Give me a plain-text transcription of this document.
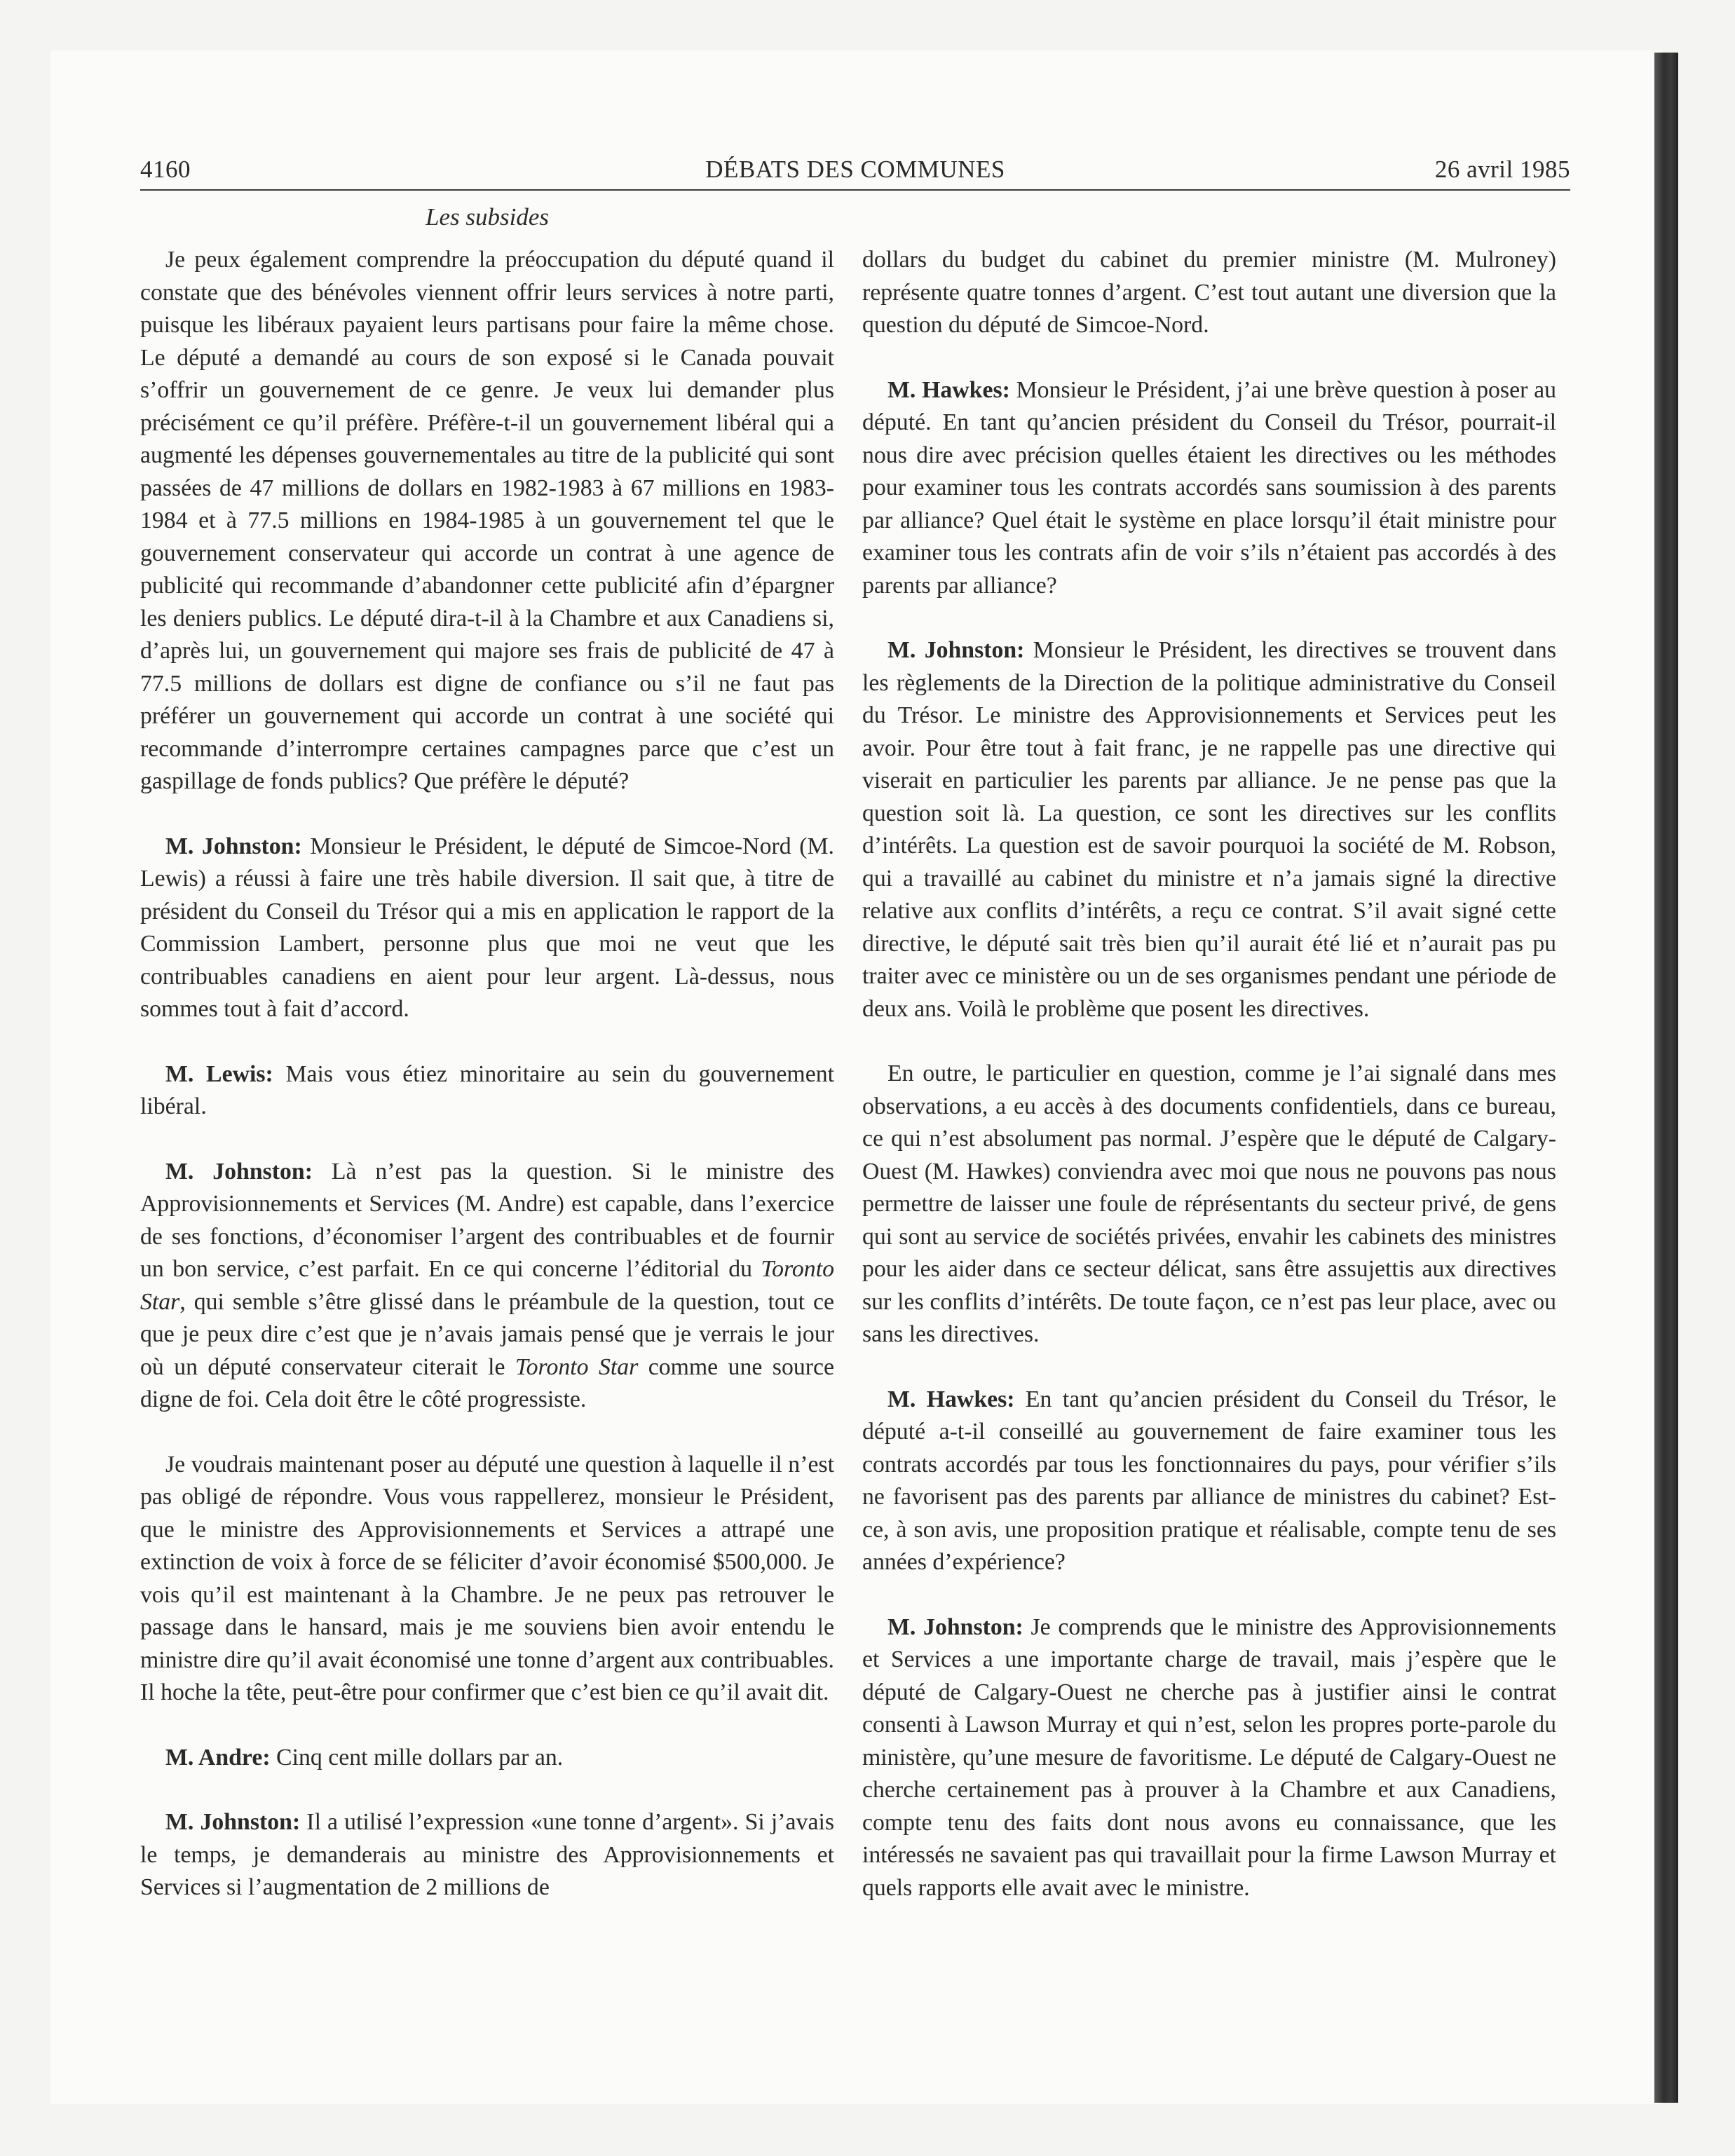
4160	DÉBATS DES COMMUNES	26 avril 1985
Les subsides

Je peux également comprendre la préoccupation du député quand il constate que des bénévoles viennent offrir leurs services à notre parti, puisque les libéraux payaient leurs partisans pour faire la même chose. Le député a demandé au cours de son exposé si le Canada pouvait s’offrir un gouvernement de ce genre. Je veux lui demander plus précisément ce qu’il préfère. Préfère-t-il un gouvernement libéral qui a augmenté les dépenses gouvernementales au titre de la publicité qui sont passées de 47 millions de dollars en 1982-1983 à 67 millions en 1983-1984 et à 77.5 millions en 1984-1985 à un gouvernement tel que le gouvernement conservateur qui accorde un contrat à une agence de publicité qui recommande d’abandonner cette publicité afin d’épargner les deniers publics. Le député dira-t-il à la Chambre et aux Canadiens si, d’après lui, un gouvernement qui majore ses frais de publicité de 47 à 77.5 millions de dollars est digne de confiance ou s’il ne faut pas préférer un gouvernement qui accorde un contrat à une société qui recommande d’interrompre certaines campagnes parce que c’est un gaspillage de fonds publics? Que préfère le député?

M. Johnston: Monsieur le Président, le député de Simcoe-Nord (M. Lewis) a réussi à faire une très habile diversion. Il sait que, à titre de président du Conseil du Trésor qui a mis en application le rapport de la Commission Lambert, personne plus que moi ne veut que les contribuables canadiens en aient pour leur argent. Là-dessus, nous sommes tout à fait d’accord.

M. Lewis: Mais vous étiez minoritaire au sein du gouvernement libéral.

M. Johnston: Là n’est pas la question. Si le ministre des Approvisionnements et Services (M. Andre) est capable, dans l’exercice de ses fonctions, d’économiser l’argent des contribuables et de fournir un bon service, c’est parfait. En ce qui concerne l’éditorial du Toronto Star, qui semble s’être glissé dans le préambule de la question, tout ce que je peux dire c’est que je n’avais jamais pensé que je verrais le jour où un député conservateur citerait le Toronto Star comme une source digne de foi. Cela doit être le côté progressiste.

Je voudrais maintenant poser au député une question à laquelle il n’est pas obligé de répondre. Vous vous rappellerez, monsieur le Président, que le ministre des Approvisionnements et Services a attrapé une extinction de voix à force de se féliciter d’avoir économisé $500,000. Je vois qu’il est maintenant à la Chambre. Je ne peux pas retrouver le passage dans le hansard, mais je me souviens bien avoir entendu le ministre dire qu’il avait économisé une tonne d’argent aux contribuables. Il hoche la tête, peut-être pour confirmer que c’est bien ce qu’il avait dit.

M. Andre: Cinq cent mille dollars par an.

M. Johnston: Il a utilisé l’expression «une tonne d’argent». Si j’avais le temps, je demanderais au ministre des Approvisionnements et Services si l’augmentation de 2 millions de

dollars du budget du cabinet du premier ministre (M. Mulroney) représente quatre tonnes d’argent. C’est tout autant une diversion que la question du député de Simcoe-Nord.

M. Hawkes: Monsieur le Président, j’ai une brève question à poser au député. En tant qu’ancien président du Conseil du Trésor, pourrait-il nous dire avec précision quelles étaient les directives ou les méthodes pour examiner tous les contrats accordés sans soumission à des parents par alliance? Quel était le système en place lorsqu’il était ministre pour examiner tous les contrats afin de voir s’ils n’étaient pas accordés à des parents par alliance?

M. Johnston: Monsieur le Président, les directives se trouvent dans les règlements de la Direction de la politique administrative du Conseil du Trésor. Le ministre des Approvisionnements et Services peut les avoir. Pour être tout à fait franc, je ne rappelle pas une directive qui viserait en particulier les parents par alliance. Je ne pense pas que la question soit là. La question, ce sont les directives sur les conflits d’intérêts. La question est de savoir pourquoi la société de M. Robson, qui a travaillé au cabinet du ministre et n’a jamais signé la directive relative aux conflits d’intérêts, a reçu ce contrat. S’il avait signé cette directive, le député sait très bien qu’il aurait été lié et n’aurait pas pu traiter avec ce ministère ou un de ses organismes pendant une période de deux ans. Voilà le problème que posent les directives.

En outre, le particulier en question, comme je l’ai signalé dans mes observations, a eu accès à des documents confidentiels, dans ce bureau, ce qui n’est absolument pas normal. J’espère que le député de Calgary-Ouest (M. Hawkes) conviendra avec moi que nous ne pouvons pas nous permettre de laisser une foule de réprésentants du secteur privé, de gens qui sont au service de sociétés privées, envahir les cabinets des ministres pour les aider dans ce secteur délicat, sans être assujettis aux directives sur les conflits d’intérêts. De toute façon, ce n’est pas leur place, avec ou sans les directives.

M. Hawkes: En tant qu’ancien président du Conseil du Trésor, le député a-t-il conseillé au gouvernement de faire examiner tous les contrats accordés par tous les fonctionnaires du pays, pour vérifier s’ils ne favorisent pas des parents par alliance de ministres du cabinet? Est-ce, à son avis, une proposition pratique et réalisable, compte tenu de ses années d’expérience?

M. Johnston: Je comprends que le ministre des Approvisionnements et Services a une importante charge de travail, mais j’espère que le député de Calgary-Ouest ne cherche pas à justifier ainsi le contrat consenti à Lawson Murray et qui n’est, selon les propres porte-parole du ministère, qu’une mesure de favoritisme. Le député de Calgary-Ouest ne cherche certainement pas à prouver à la Chambre et aux Canadiens, compte tenu des faits dont nous avons eu connaissance, que les intéressés ne savaient pas qui travaillait pour la firme Lawson Murray et quels rapports elle avait avec le ministre.
